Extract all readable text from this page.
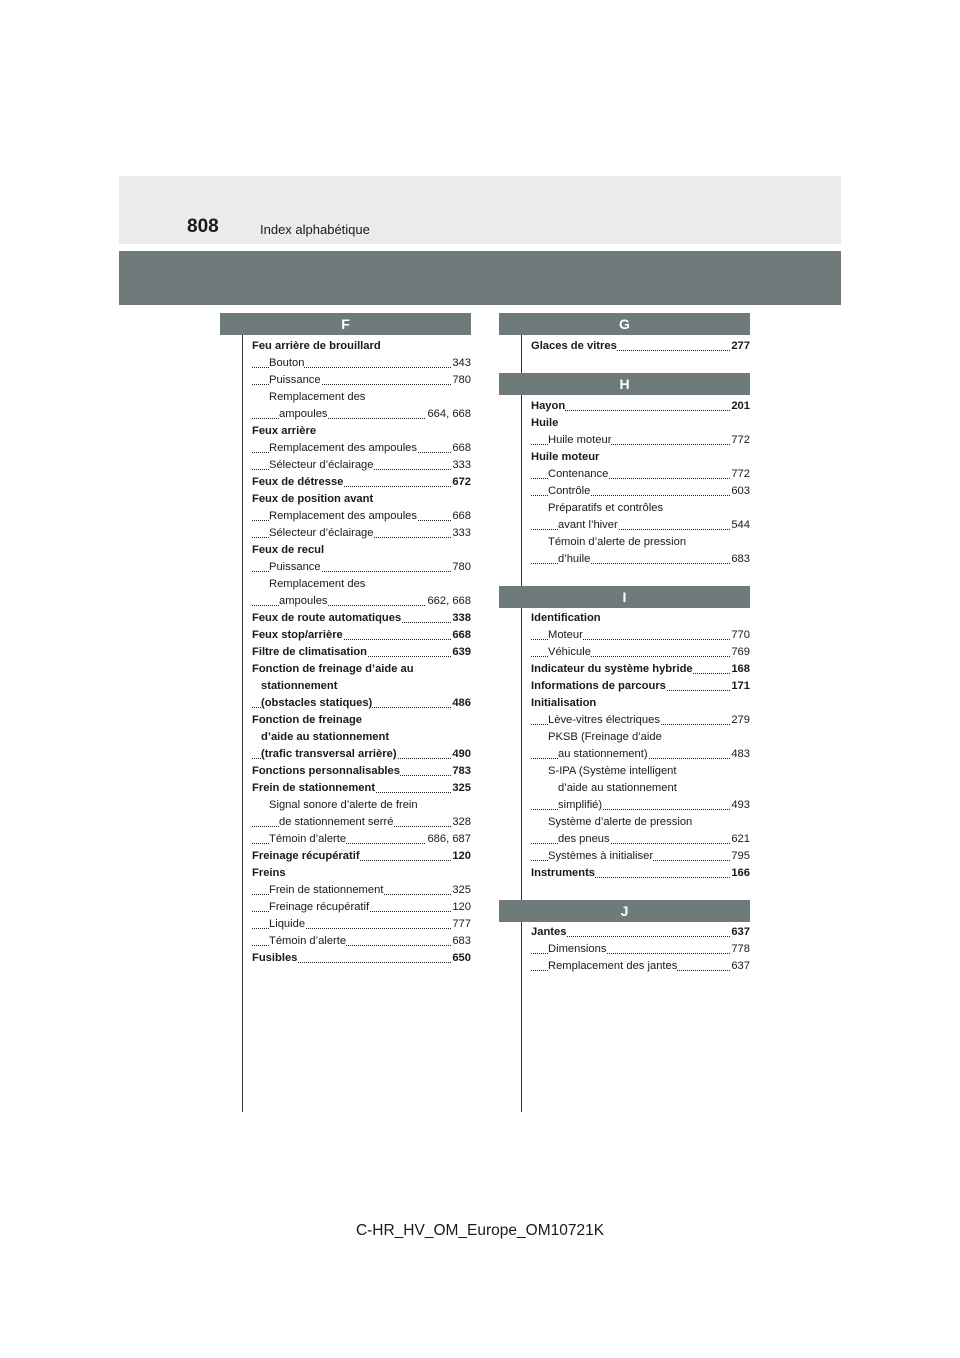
808	Index alphabétique
F
Feu arrière de brouillard
Bouton	343
Puissance	780
Remplacement des
ampoules	664, 668
Feux arrière
Remplacement des ampoules	668
Sélecteur d’éclairage	333
Feux de détresse	672
Feux de position avant
Remplacement des ampoules	668
Sélecteur d’éclairage	333
Feux de recul
Puissance	780
Remplacement des
ampoules	662, 668
Feux de route automatiques	338
Feux stop/arrière	668
Filtre de climatisation	639
Fonction de freinage d’aide au
stationnement
(obstacles statiques)	486
Fonction de freinage
d’aide au stationnement
(trafic transversal arrière)	490
Fonctions personnalisables	783
Frein de stationnement	325
Signal sonore d’alerte de frein
de stationnement serré	328
Témoin d’alerte	686, 687
Freinage récupératif	120
Freins
Frein de stationnement	325
Freinage récupératif	120
Liquide	777
Témoin d’alerte	683
Fusibles	650
G
Glaces de vitres	277
H
Hayon	201
Huile
Huile moteur	772
Huile moteur
Contenance	772
Contrôle	603
Préparatifs et contrôles
avant l’hiver	544
Témoin d’alerte de pression
d’huile	683
I
Identification
Moteur	770
Véhicule	769
Indicateur du système hybride	168
Informations de parcours	171
Initialisation
Lève-vitres électriques	279
PKSB (Freinage d’aide
au stationnement)	483
S-IPA (Système intelligent
d’aide au stationnement
simplifié)	493
Système d’alerte de pression
des pneus	621
Systèmes à initialiser	795
Instruments	166
J
Jantes	637
Dimensions	778
Remplacement des jantes	637
C-HR_HV_OM_Europe_OM10721K
